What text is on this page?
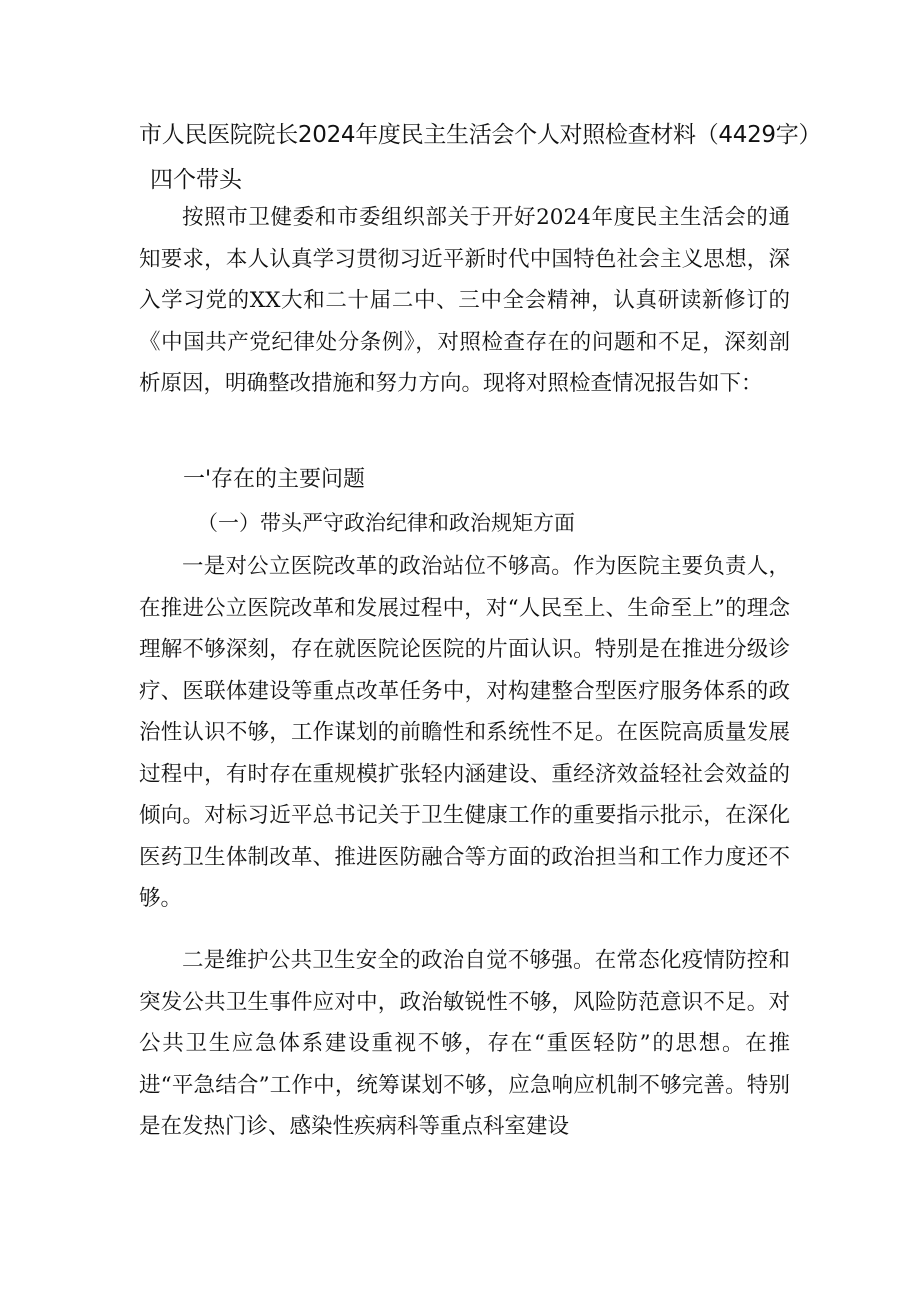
市人民医院院长2024年度民主生活会个人对照检查材料（4429字）
四个带头

按照市卫健委和市委组织部关于开好2024年度民主生活会的通知要求，本人认真学习贯彻习近平新时代中国特色社会主义思想，深入学习党的XX大和二十届二中、三中全会精神，认真研读新修订的《中国共产党纪律处分条例》，对照检查存在的问题和不足，深刻剖析原因，明确整改措施和努力方向。现将对照检查情况报告如下：

一'存在的主要问题
（一）带头严守政治纪律和政治规矩方面

一是对公立医院改革的政治站位不够高。作为医院主要负责人，在推进公立医院改革和发展过程中，对“人民至上、生命至上”的理念理解不够深刻，存在就医院论医院的片面认识。特别是在推进分级诊疗、医联体建设等重点改革任务中，对构建整合型医疗服务体系的政治性认识不够，工作谋划的前瞻性和系统性不足。在医院高质量发展过程中，有时存在重规模扩张轻内涵建设、重经济效益轻社会效益的倾向。对标习近平总书记关于卫生健康工作的重要指示批示，在深化医药卫生体制改革、推进医防融合等方面的政治担当和工作力度还不够。

二是维护公共卫生安全的政治自觉不够强。在常态化疫情防控和突发公共卫生事件应对中，政治敏锐性不够，风险防范意识不足。对公共卫生应急体系建设重视不够，存在“重医轻防”的思想。在推进“平急结合”工作中，统筹谋划不够，应急响应机制不够完善。特别是在发热门诊、感染性疾病科等重点科室建设
